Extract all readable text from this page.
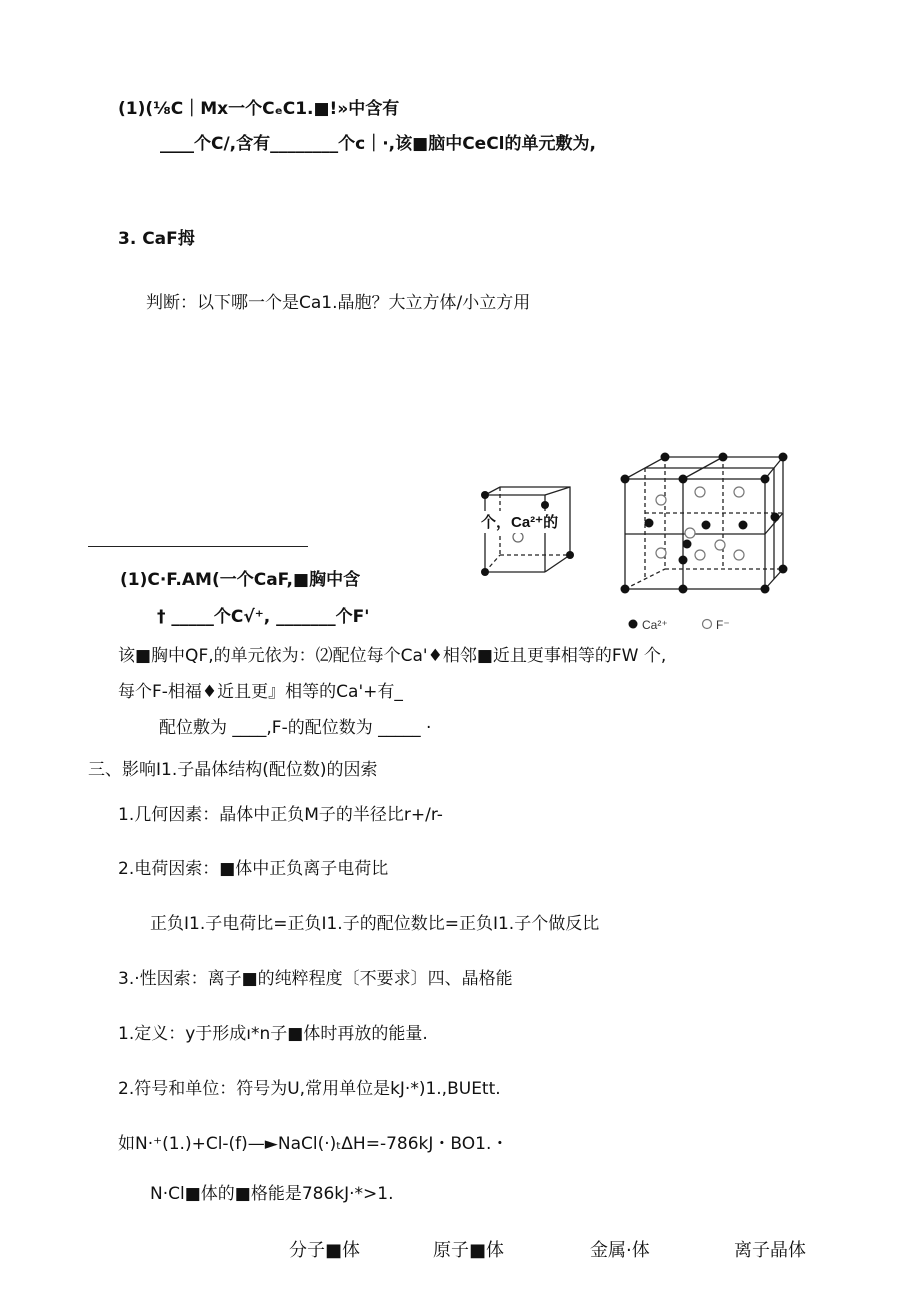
(1)(⅛C｜Mx一个CₑC1.■!»中含有
____个C/,含有________个c｜·,该■脑中CeCl的单元敷为,
3. CaF拇
判断：以下哪一个是Ca1.晶胞？大立方体/小立方用
(1)C·F.AM(一个CaF,■胸中含
† _____个C√⁺, _______个F'
该■胸中QF,的单元依为：⑵配位每个Ca'♦相邻■近且更事相等的FW 个,
每个F-相福♦近且更』相等的Ca'+有_
配位敷为 ____,F-的配位数为 _____ ·
三、影响I1.子晶体结构(配位数)的因索
1.几何因素：晶体中正负M子的半径比r+/r-
2.电荷因索：■体中正负离子电荷比
正负I1.子电荷比=正负I1.子的配位数比=正负I1.子个做反比
3.·性因索：离子■的纯粹程度〔不要求〕四、晶格能
1.定义：y于形成ı*n子■体时再放的能量.
2.符号和单位：符号为U,常用单位是kJ·*)1.,BUEtt.
如N·⁺(1.)+Cl-(f)—►NaCl(·)ₜΔH=-786kJ・BO1.・
N·Cl■体的■格能是786kJ·*>1.
个，Ca²⁺的
Ca²⁺	F⁻
分子■体	原子■体	金属·体	离子晶体
